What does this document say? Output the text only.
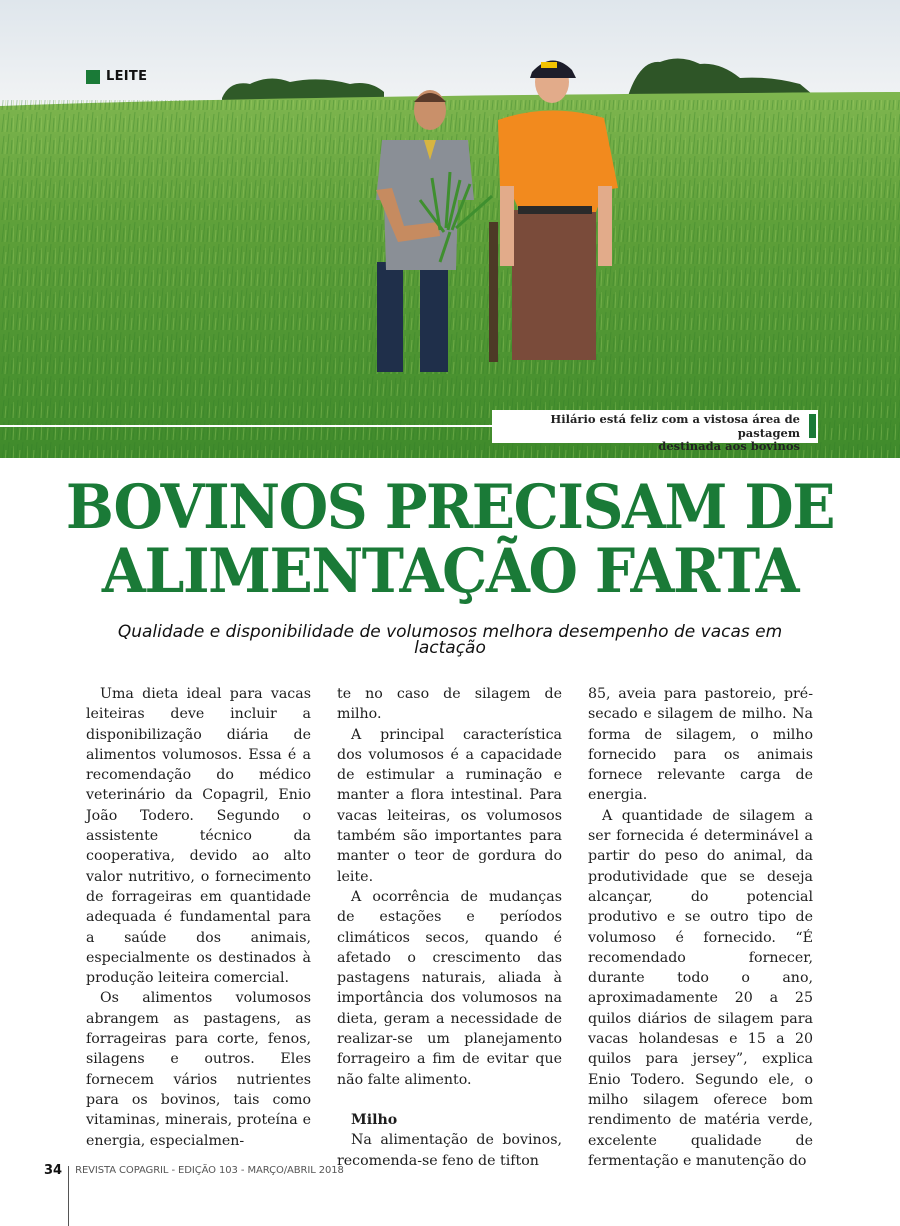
LEITE
Hilário está feliz com a vistosa área de pastagem
destinada aos bovinos
BOVINOS PRECISAM DE
ALIMENTAÇÃO FARTA
Qualidade e disponibilidade de volumosos melhora desempenho de vacas em lactação

Uma dieta ideal para vacas leiteiras deve incluir a disponibilização diária de alimentos volumosos. Essa é a recomendação do médico veterinário da Copagril, Enio João Todero. Segundo o assistente técnico da cooperativa, devido ao alto valor nutritivo, o fornecimento de forrageiras em quantidade adequada é fundamental para a saúde dos animais, especialmente os destinados à produção leiteira comercial.

Os alimentos volumosos abrangem as pastagens, as forrageiras para corte, fenos, silagens e outros. Eles fornecem vários nutrientes para os bovinos, tais como vitaminas, minerais, proteína e energia, especialmen-

te no caso de silagem de milho.

A principal característica dos volumosos é a capacidade de estimular a ruminação e manter a flora intestinal. Para vacas leiteiras, os volumosos também são importantes para manter o teor de gordura do leite.

A ocorrência de mudanças de estações e períodos climáticos secos, quando é afetado o crescimento das pastagens naturais, aliada à importância dos volumosos na dieta, geram a necessidade de realizar-se um planejamento forrageiro a fim de evitar que não falte alimento.

Milho

Na alimentação de bovinos, recomenda-se feno de tifton

85, aveia para pastoreio, pré-secado e silagem de milho. Na forma de silagem, o milho fornecido para os animais fornece relevante carga de energia.

A quantidade de silagem a ser fornecida é determinável a partir do peso do animal, da produtividade que se deseja alcançar, do potencial produtivo e se outro tipo de volumoso é fornecido. “É recomendado fornecer, durante todo o ano, aproximadamente 20 a 25 quilos diários de silagem para vacas holandesas e 15 a 20 quilos para jersey”, explica Enio Todero. Segundo ele, o milho silagem oferece bom rendimento de matéria verde, excelente qualidade de fermentação e manutenção do

34 REVISTA COPAGRIL - EDIÇÃO 103 - MARÇO/ABRIL 2018
